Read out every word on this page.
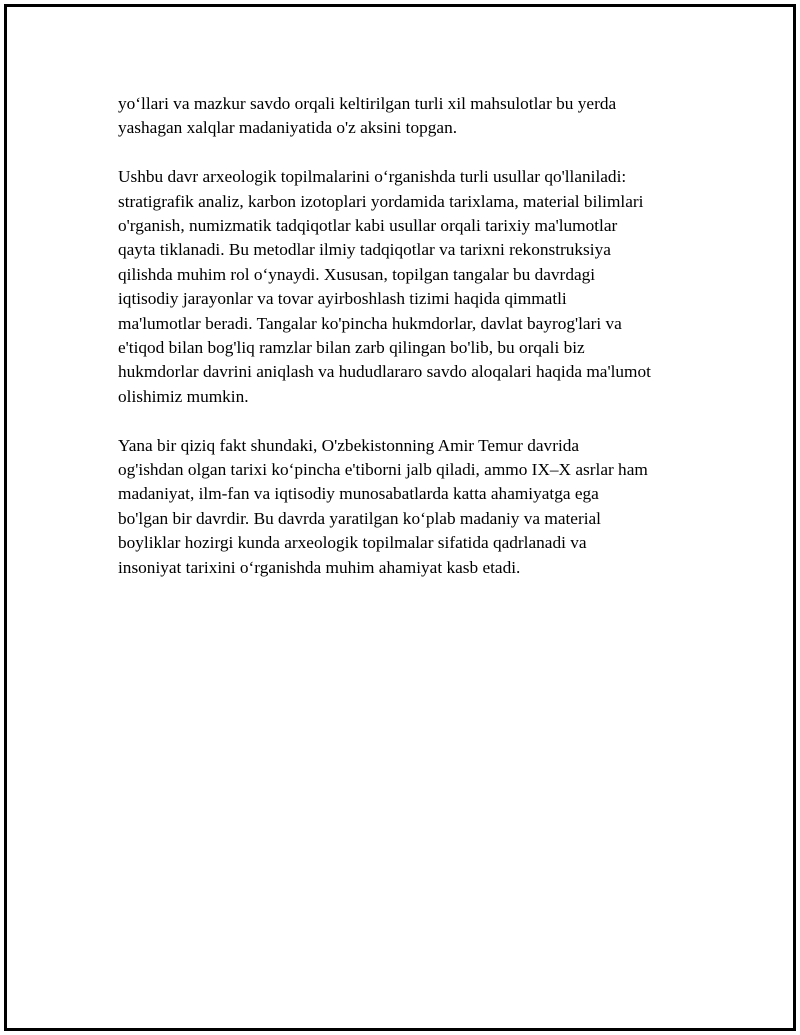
yo‘llari va mazkur savdo orqali keltirilgan turli xil mahsulotlar bu yerda
yashagan xalqlar madaniyatida o'z aksini topgan.

Ushbu davr arxeologik topilmalarini o‘rganishda turli usullar qo'llaniladi:
stratigrafik analiz, karbon izotoplari yordamida tarixlama, material bilimlari
o'rganish, numizmatik tadqiqotlar kabi usullar orqali tarixiy ma'lumotlar
qayta tiklanadi. Bu metodlar ilmiy tadqiqotlar va tarixni rekonstruksiya
qilishda muhim rol o‘ynaydi. Xususan, topilgan tangalar bu davrdagi
iqtisodiy jarayonlar va tovar ayirboshlash tizimi haqida qimmatli
ma'lumotlar beradi. Tangalar ko'pincha hukmdorlar, davlat bayrog'lari va
e'tiqod bilan bog'liq ramzlar bilan zarb qilingan bo'lib, bu orqali biz
hukmdorlar davrini aniqlash va hududlararo savdo aloqalari haqida ma'lumot
olishimiz mumkin.

Yana bir qiziq fakt shundaki, O'zbekistonning Amir Temur davrida
og'ishdan olgan tarixi ko‘pincha e'tiborni jalb qiladi, ammo IX–X asrlar ham
madaniyat, ilm-fan va iqtisodiy munosabatlarda katta ahamiyatga ega
bo'lgan bir davrdir. Bu davrda yaratilgan ko‘plab madaniy va material
boyliklar hozirgi kunda arxeologik topilmalar sifatida qadrlanadi va
insoniyat tarixini o‘rganishda muhim ahamiyat kasb etadi.
